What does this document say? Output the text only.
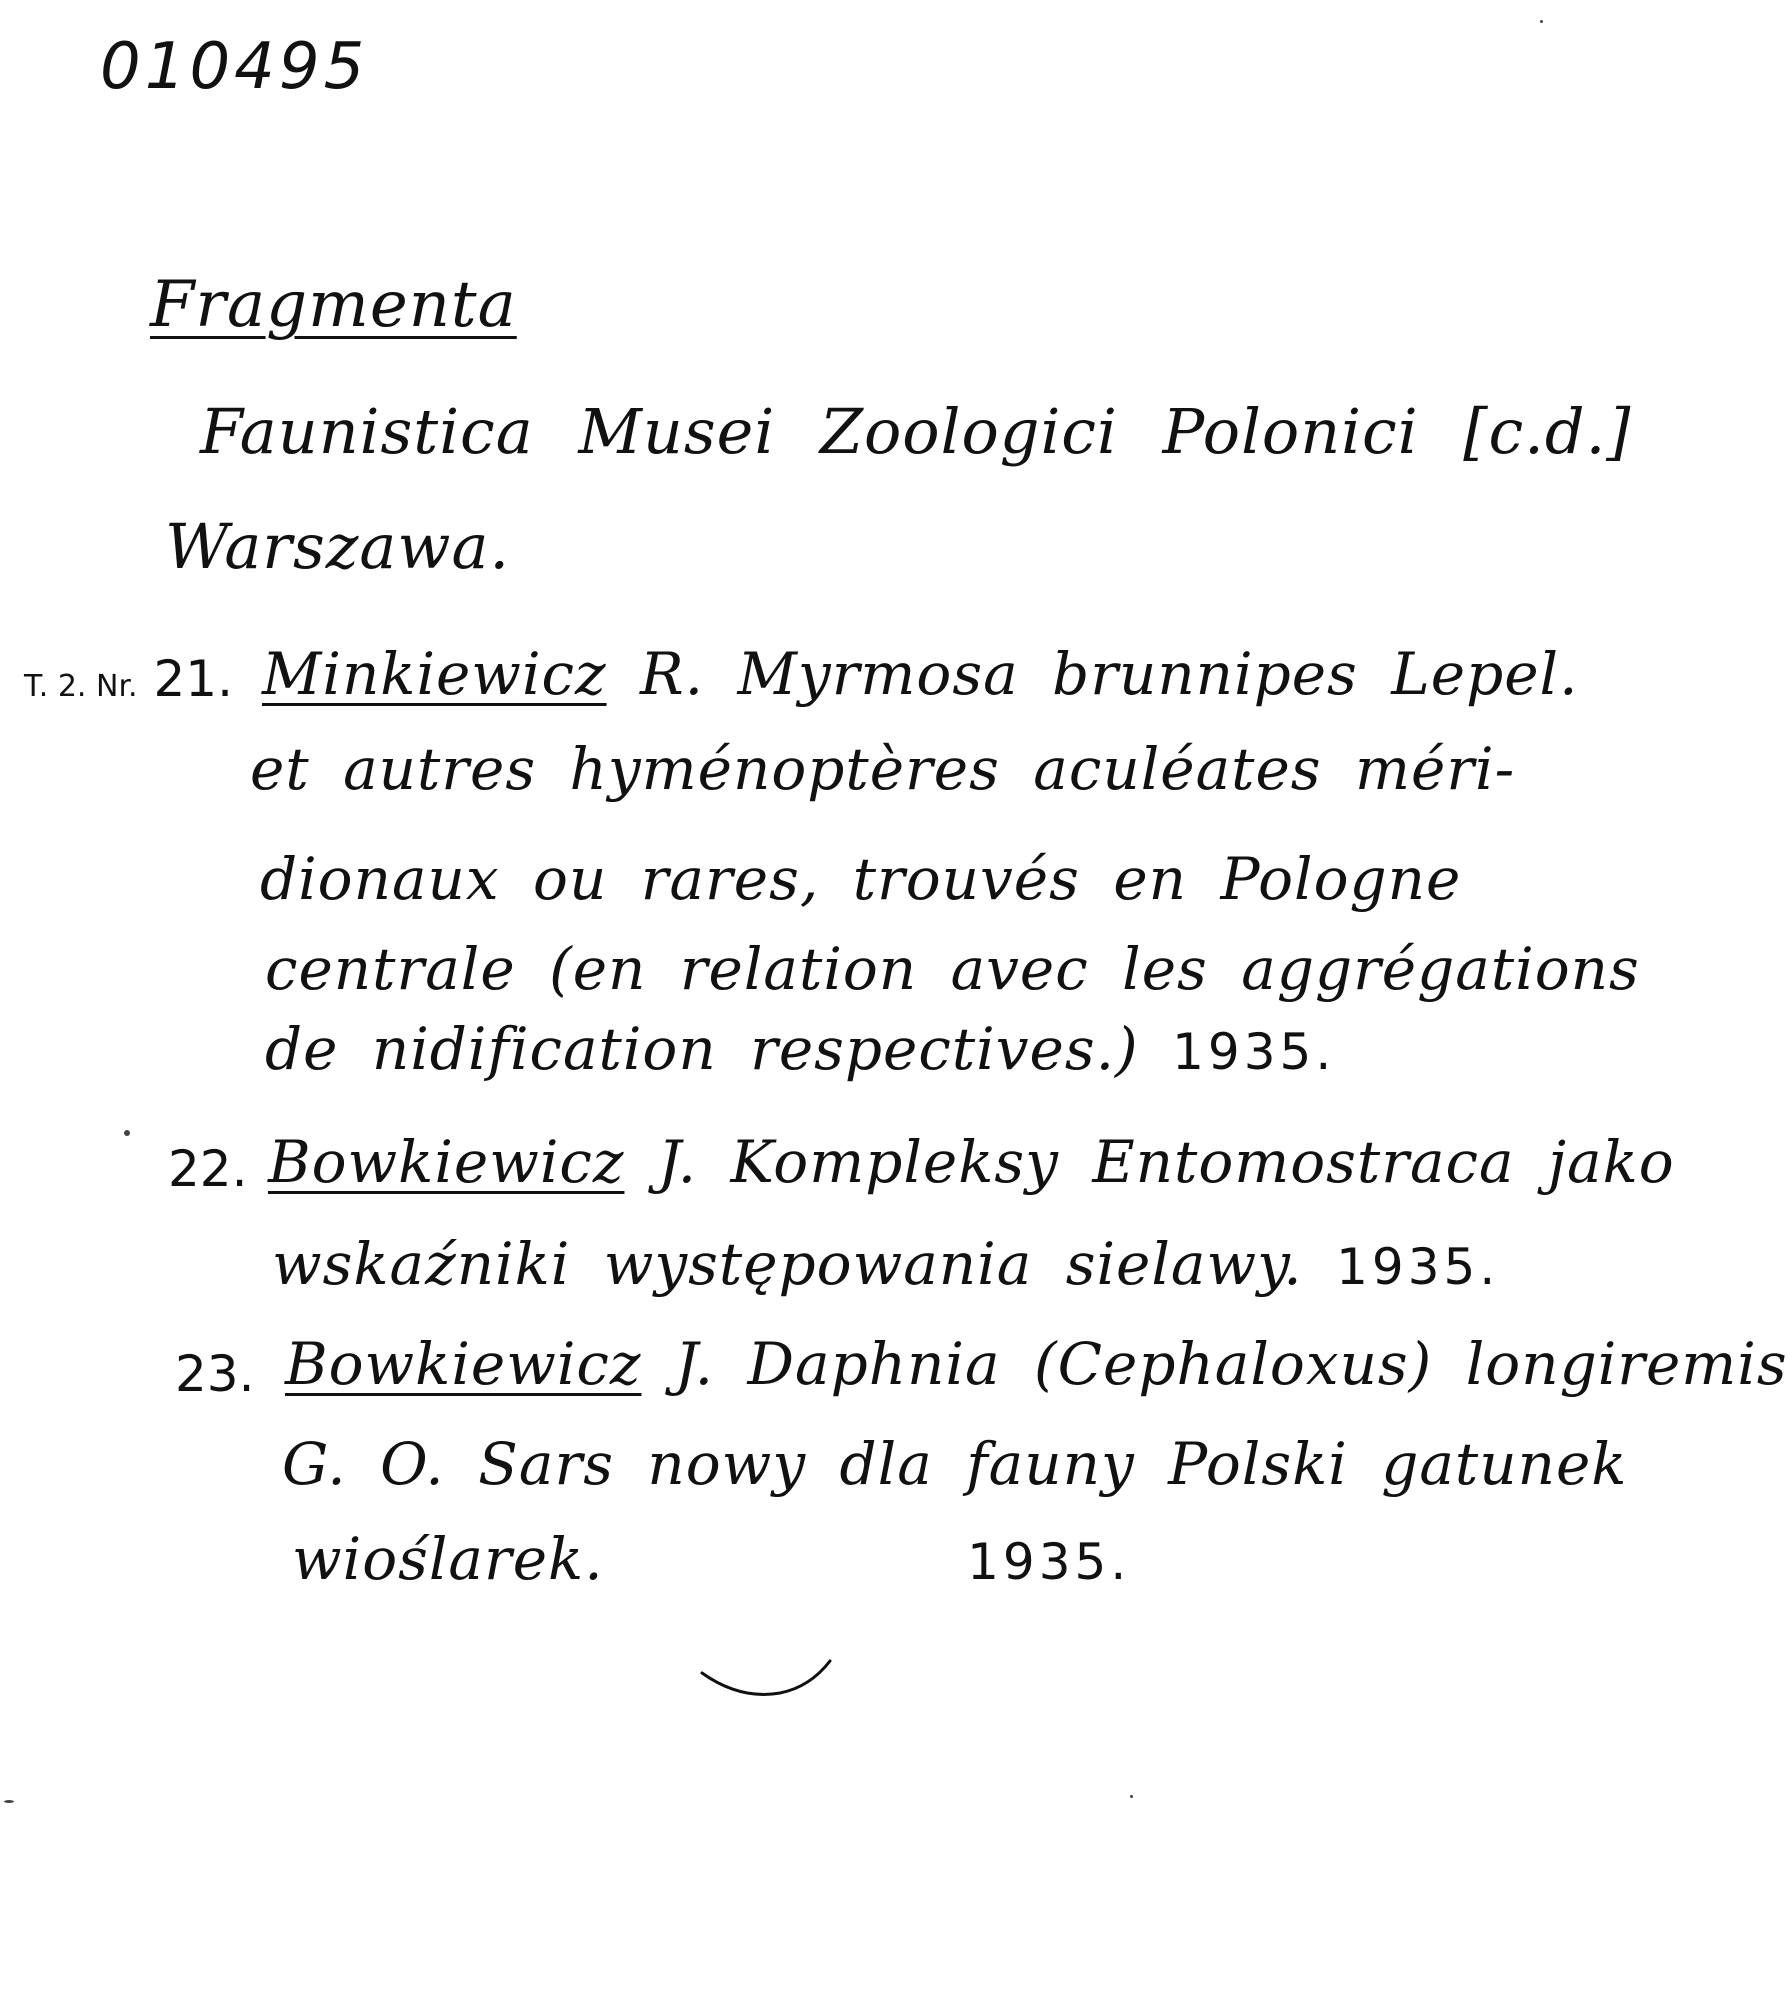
010495
Fragmenta
Faunistica Musei Zoologici Polonici [c.d.]
Warszawa.
T. 2. Nr. 21. Minkiewicz R. Myrmosa brunnipes Lepel.
et autres hyménoptères aculéates méri-
dionaux ou rares, trouvés en Pologne
centrale (en relation avec les aggrégations
de nidification respectives.) 1935.
22. Bowkiewicz J. Kompleksy Entomostraca jako
wskaźniki występowania sielawy. 1935.
23. Bowkiewicz J. Daphnia (Cephaloxus) longiremis
G. O. Sars nowy dla fauny Polski gatunek
wioślarek.	1935.
